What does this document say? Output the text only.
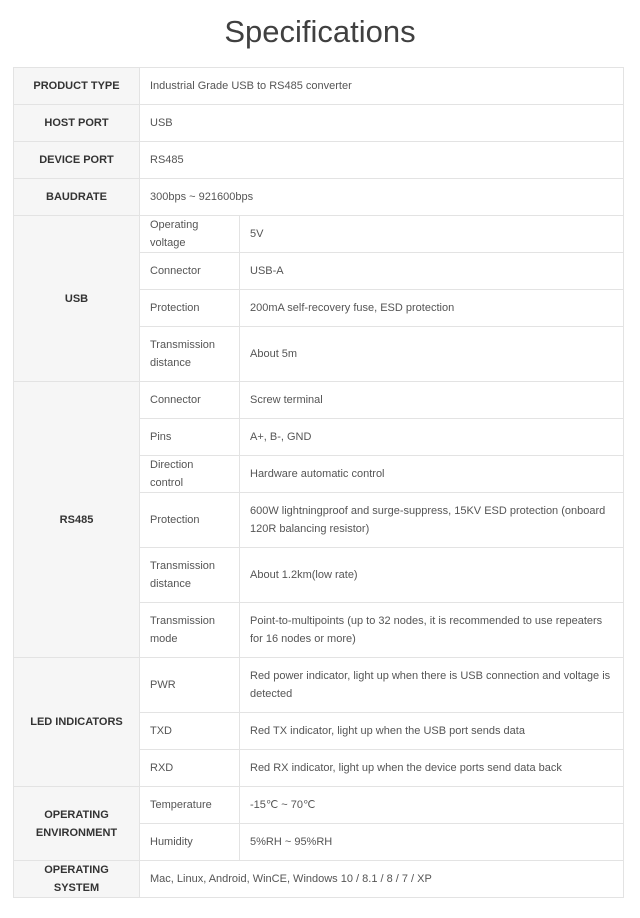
Specifications
PRODUCT TYPE	Industrial Grade USB to RS485 converter	
HOST PORT	USB	
DEVICE PORT	RS485	
BAUDRATE	300bps ~ 921600bps	
USB	Operating voltage	5V
	Connector	USB-A
	Protection	200mA self-recovery fuse, ESD protection
	Transmission distance	About 5m
RS485	Connector	Screw terminal
	Pins	A+, B-, GND
	Direction control	Hardware automatic control
	Protection	600W lightningproof and surge-suppress, 15KV ESD protection (onboard 120R balancing resistor)
	Transmission distance	About 1.2km(low rate)
	Transmission mode	Point-to-multipoints (up to 32 nodes, it is recommended to use repeaters for 16 nodes or more)
LED INDICATORS	PWR	Red power indicator, light up when there is USB connection and voltage is detected
	TXD	Red TX indicator, light up when the USB port sends data
	RXD	Red RX indicator, light up when the device ports send data back
OPERATING ENVIRONMENT	Temperature	-15℃ ~ 70℃
	Humidity	5%RH ~ 95%RH
OPERATING SYSTEM	Mac, Linux, Android, WinCE, Windows 10 / 8.1 / 8 / 7 / XP	
